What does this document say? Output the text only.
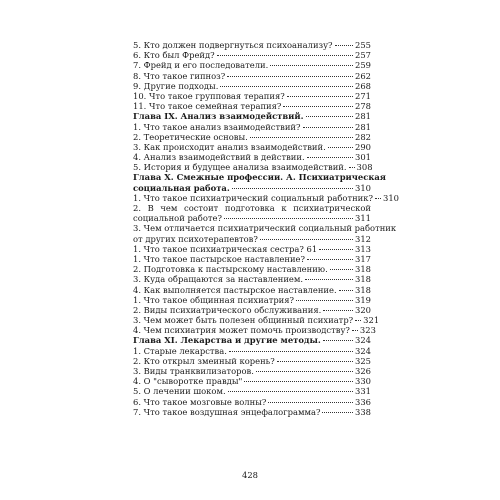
5. Кто должен подвергнуться психоанализу?	255
6. Кто был Фрейд?	257
7. Фрейд и его последователи.	259
8. Что такое гипноз?	262
9. Другие подходы.	268
10. Что такое групповая терапия?	271
11. Что такое семейная терапия?	278
Глава IX. Анализ взаимодействий.	281
1. Что такое анализ взаимодействий?	281
2. Теоретические основы.	282
3. Как происходит анализ взаимодействий.	290
4. Анализ взаимодействий в действии.	301
5. История и будущее анализа взаимодействий. 308
Глава X. Смежные профессии. А. Психиатрическая
социальная работа.	310
1. Что такое психиатрический социальный работник? 310
2. В чем состоит подготовка к психиатрической
социальной работе?	311
3. Чем отличается психиатрический социальный работник
от других психотерапевтов?	312
1. Что такое психиатрическая сестра? 61	313
1. Что такое пастырское наставление?	317
2. Подготовка к пастырскому наставлению.	318
3. Куда обращаются за наставлением.	318
4. Как выполняется пастырское наставление. 318
1. Что такое общинная психиатрия?	319
2. Виды психиатрического обслуживания.	320
3. Чем может быть полезен общинный психиатр? 321
4. Чем психиатрия может помочь производству? 323
Глава XI. Лекарства и другие методы.	324
1. Старые лекарства.	324
2. Кто открыл змеиный корень?	325
3. Виды транквилизаторов.	326
4. О "сыворотке правды"	330
5. О лечении шоком.	331
6. Что такое мозговые волны?	336
7. Что такое воздушная энцефалограмма?	338
428
